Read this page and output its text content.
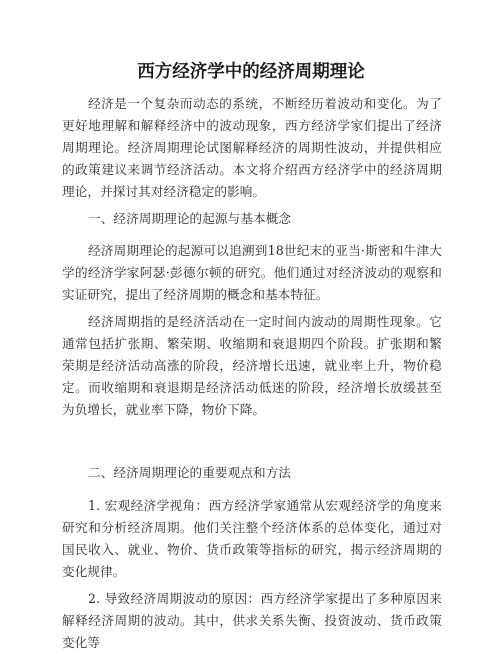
西方经济学中的经济周期理论

经济是一个复杂而动态的系统，不断经历着波动和变化。为了更好地理解和解释经济中的波动现象，西方经济学家们提出了经济周期理论。经济周期理论试图解释经济的周期性波动，并提供相应的政策建议来调节经济活动。本文将介绍西方经济学中的经济周期理论，并探讨其对经济稳定的影响。

一、经济周期理论的起源与基本概念

经济周期理论的起源可以追溯到18世纪末的亚当·斯密和牛津大学的经济学家阿瑟·彭德尔顿的研究。他们通过对经济波动的观察和实证研究，提出了经济周期的概念和基本特征。

经济周期指的是经济活动在一定时间内波动的周期性现象。它通常包括扩张期、繁荣期、收缩期和衰退期四个阶段。扩张期和繁荣期是经济活动高涨的阶段，经济增长迅速，就业率上升，物价稳定。而收缩期和衰退期是经济活动低迷的阶段，经济增长放缓甚至为负增长，就业率下降，物价下降。

二、经济周期理论的重要观点和方法

1. 宏观经济学视角：西方经济学家通常从宏观经济学的角度来研究和分析经济周期。他们关注整个经济体系的总体变化，通过对国民收入、就业、物价、货币政策等指标的研究，揭示经济周期的变化规律。

2. 导致经济周期波动的原因：西方经济学家提出了多种原因来解释经济周期的波动。其中，供求关系失衡、投资波动、货币政策变化等
